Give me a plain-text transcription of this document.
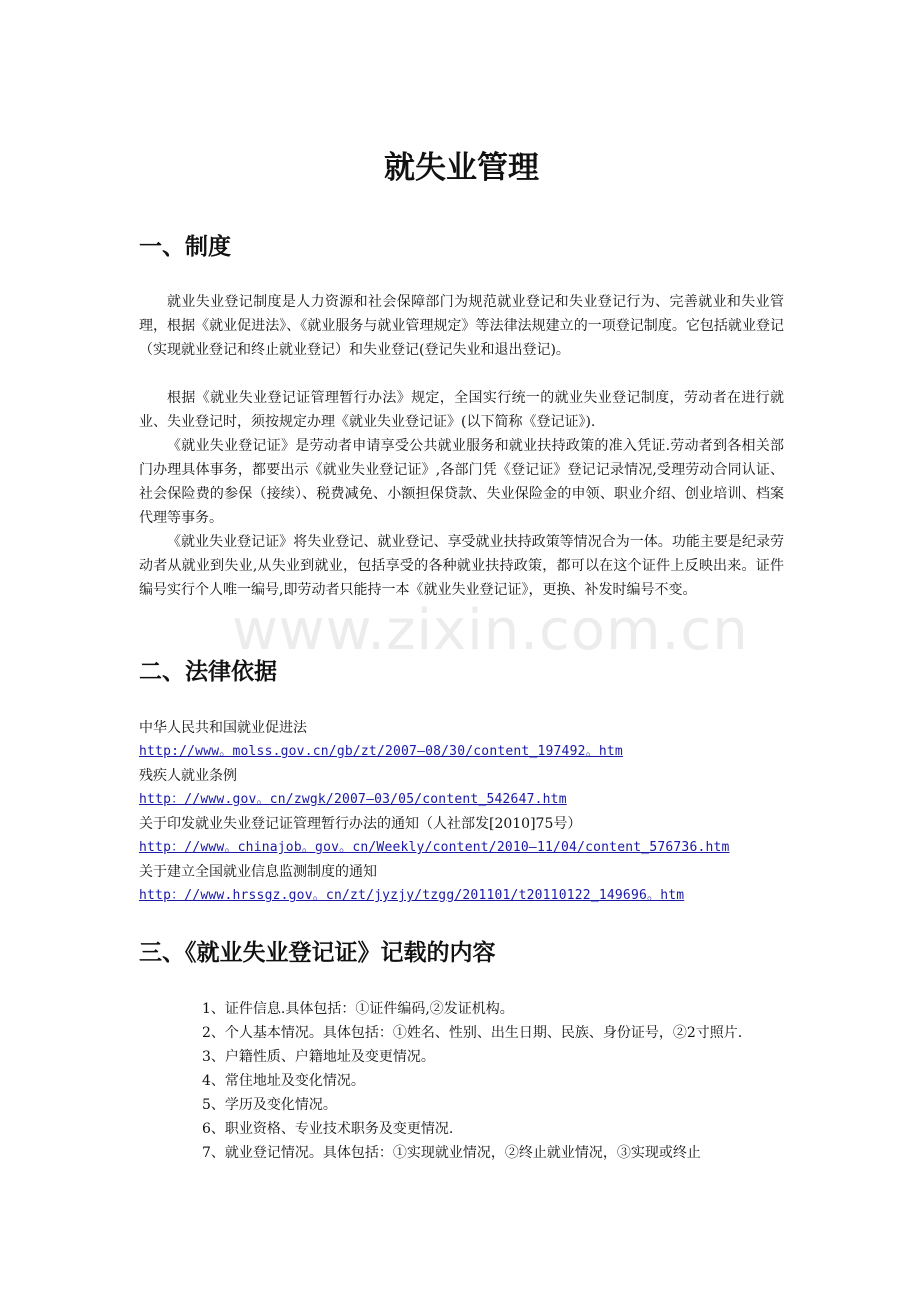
www.zixin.com.cn
就失业管理
一、制度

就业失业登记制度是人力资源和社会保障部门为规范就业登记和失业登记行为、完善就业和失业管理，根据《就业促进法》、《就业服务与就业管理规定》等法律法规建立的一项登记制度。它包括就业登记（实现就业登记和终止就业登记）和失业登记(登记失业和退出登记)。

根据《就业失业登记证管理暂行办法》规定，全国实行统一的就业失业登记制度，劳动者在进行就业、失业登记时，须按规定办理《就业失业登记证》(以下简称《登记证》).

《就业失业登记证》是劳动者申请享受公共就业服务和就业扶持政策的准入凭证.劳动者到各相关部门办理具体事务，都要出示《就业失业登记证》,各部门凭《登记证》登记记录情况,受理劳动合同认证、社会保险费的参保（接续）、税费减免、小额担保贷款、失业保险金的申领、职业介绍、创业培训、档案代理等事务。

《就业失业登记证》将失业登记、就业登记、享受就业扶持政策等情况合为一体。功能主要是纪录劳动者从就业到失业,从失业到就业，包括享受的各种就业扶持政策，都可以在这个证件上反映出来。证件编号实行个人唯一编号,即劳动者只能持一本《就业失业登记证》，更换、补发时编号不变。

二、法律依据
中华人民共和国就业促进法
http://www。molss.gov.cn/gb/zt/2007—08/30/content_197492。htm
残疾人就业条例
http：//www.gov。cn/zwgk/2007—03/05/content_542647.htm
关于印发就业失业登记证管理暂行办法的通知（人社部发[2010]75号）
http：//www。chinajob。gov。cn/Weekly/content/2010—11/04/content_576736.htm
关于建立全国就业信息监测制度的通知
http：//www.hrssgz.gov。cn/zt/jyzjy/tzgg/201101/t20110122_149696。htm
三、《就业失业登记证》记载的内容
1、证件信息.具体包括：①证件编码,②发证机构。
2、个人基本情况。具体包括：①姓名、性别、出生日期、民族、身份证号，②2寸照片.
3、户籍性质、户籍地址及变更情况。
4、常住地址及变化情况。
5、学历及变化情况。
6、职业资格、专业技术职务及变更情况.
7、就业登记情况。具体包括：①实现就业情况，②终止就业情况，③实现或终止
